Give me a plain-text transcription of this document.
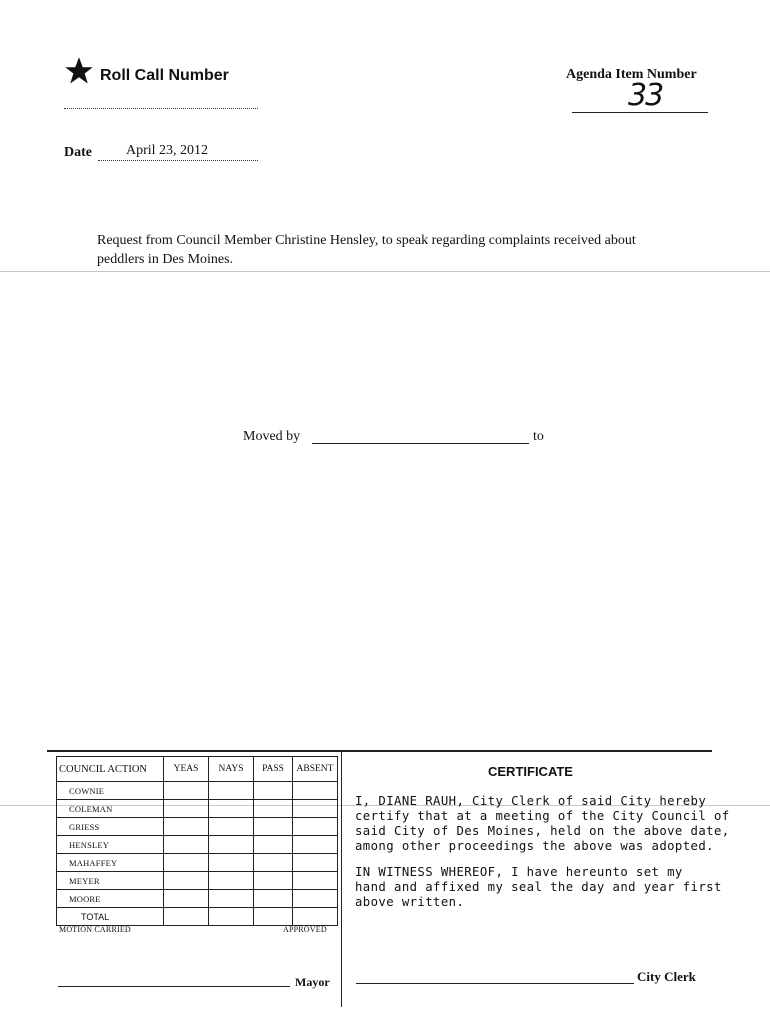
Roll Call Number	Agenda Item Number
33
Date April 23, 2012
Request from Council Member Christine Hensley, to speak regarding complaints received about
peddlers in Des Moines.
Moved by	to
COUNCIL ACTION	YEAS	NAYS	PASS	ABSENT
COWNIE				
COLEMAN				
GRIESS				
HENSLEY				
MAHAFFEY				
MEYER				
MOORE				
TOTAL				
MOTION CARRIED	APPROVED
Mayor
CERTIFICATE
I, DIANE RAUH, City Clerk of said City hereby
certify that at a meeting of the City Council of
said City of Des Moines, held on the above date,
among other proceedings the above was adopted.
IN WITNESS WHEREOF, I have hereunto set my
hand and affixed my seal the day and year first
above written.
City Clerk
